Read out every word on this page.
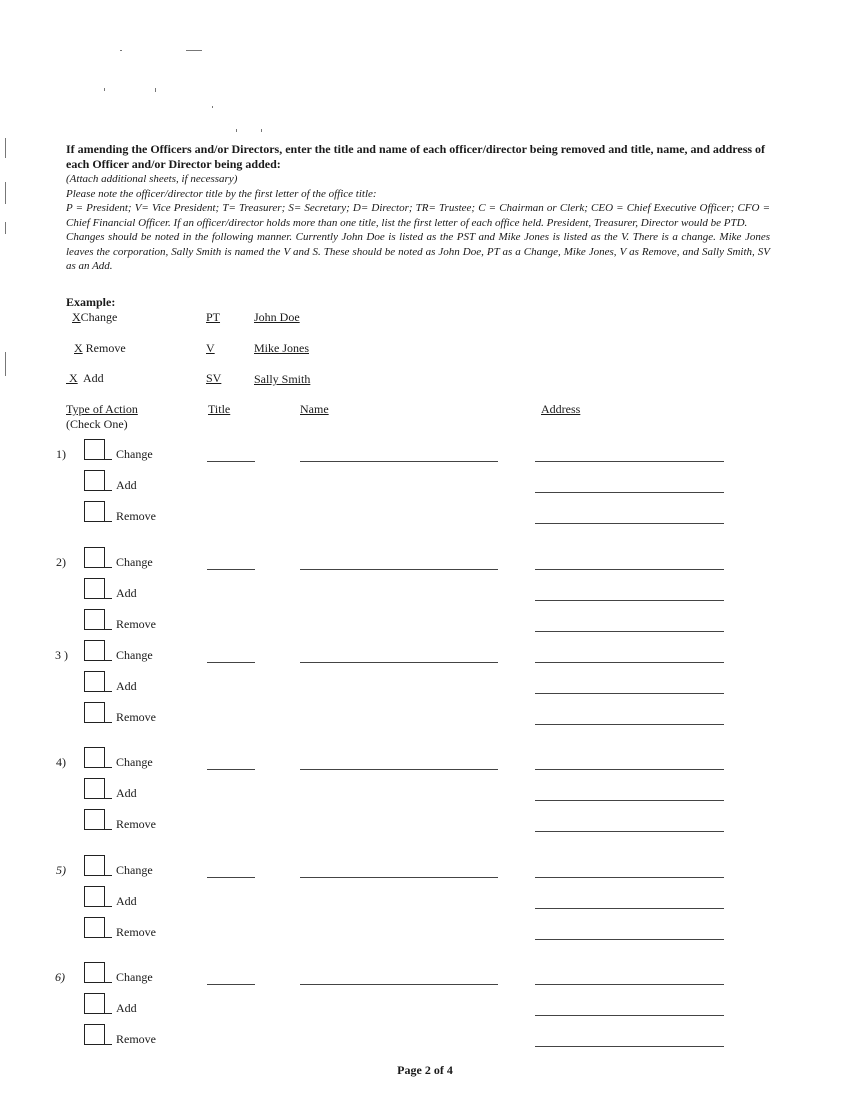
If amending the Officers and/or Directors, enter the title and name of each officer/director being removed and title, name, and address of each Officer and/or Director being added:

(Attach additional sheets, if necessary)

Please note the officer/director title by the first letter of the office title:

P = President; V= Vice President; T= Treasurer; S= Secretary; D= Director; TR= Trustee; C = Chairman or Clerk; CEO = Chief Executive Officer; CFO = Chief Financial Officer. If an officer/director holds more than one title, list the first letter of each office held. President, Treasurer, Director would be PTD.

Changes should be noted in the following manner. Currently John Doe is listed as the PST and Mike Jones is listed as the V. There is a change. Mike Jones leaves the corporation, Sally Smith is named the V and S. These should be noted as John Doe, PT as a Change, Mike Jones, V as Remove, and Sally Smith, SV as an Add.

Example:
XChange	PT	John Doe
X Remove	V	Mike Jones
X Add	SV	Sally Smith
Type of Action
(Check One)
Title	Name	Address
1)	Change
Add
Remove
2)	Change
Add
Remove
3 )	Change
Add
Remove
4)	Change
Add
Remove
5)	Change
Add
Remove
6)	Change
Add
Remove
Page 2 of 4
